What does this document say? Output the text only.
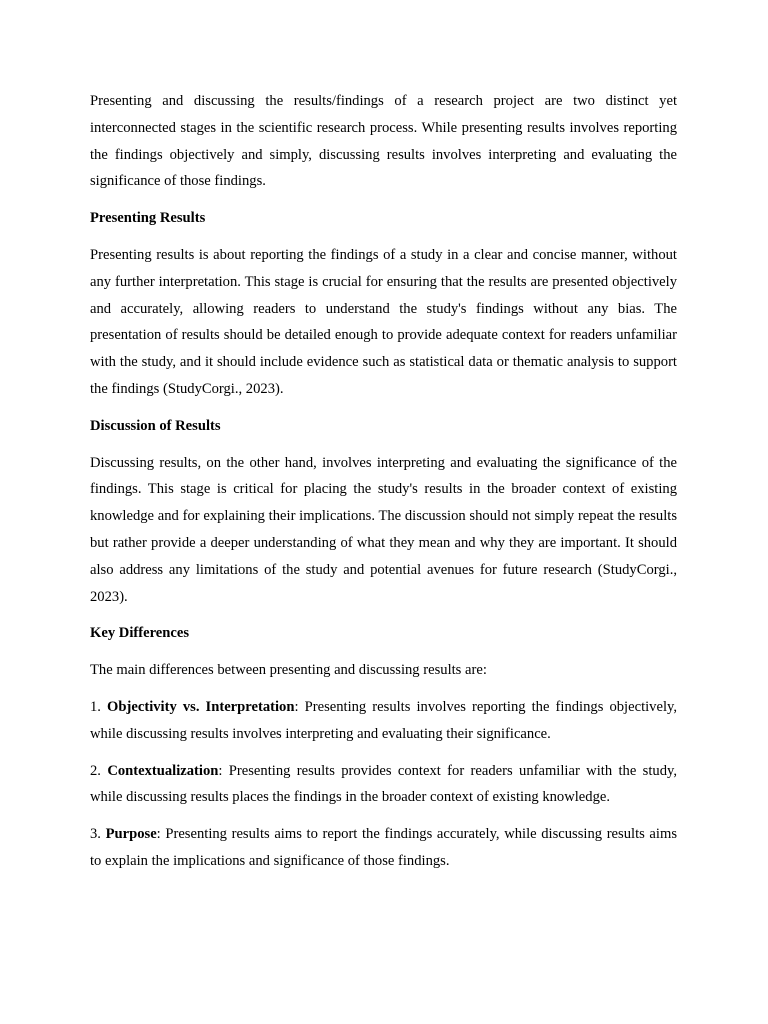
Presenting and discussing the results/findings of a research project are two distinct yet interconnected stages in the scientific research process. While presenting results involves reporting the findings objectively and simply, discussing results involves interpreting and evaluating the significance of those findings.

Presenting Results

Presenting results is about reporting the findings of a study in a clear and concise manner, without any further interpretation. This stage is crucial for ensuring that the results are presented objectively and accurately, allowing readers to understand the study's findings without any bias. The presentation of results should be detailed enough to provide adequate context for readers unfamiliar with the study, and it should include evidence such as statistical data or thematic analysis to support the findings (StudyCorgi., 2023).

Discussion of Results

Discussing results, on the other hand, involves interpreting and evaluating the significance of the findings. This stage is critical for placing the study's results in the broader context of existing knowledge and for explaining their implications. The discussion should not simply repeat the results but rather provide a deeper understanding of what they mean and why they are important. It should also address any limitations of the study and potential avenues for future research (StudyCorgi., 2023).

Key Differences

The main differences between presenting and discussing results are:

1. Objectivity vs. Interpretation: Presenting results involves reporting the findings objectively, while discussing results involves interpreting and evaluating their significance.

2. Contextualization: Presenting results provides context for readers unfamiliar with the study, while discussing results places the findings in the broader context of existing knowledge.

3. Purpose: Presenting results aims to report the findings accurately, while discussing results aims to explain the implications and significance of those findings.
